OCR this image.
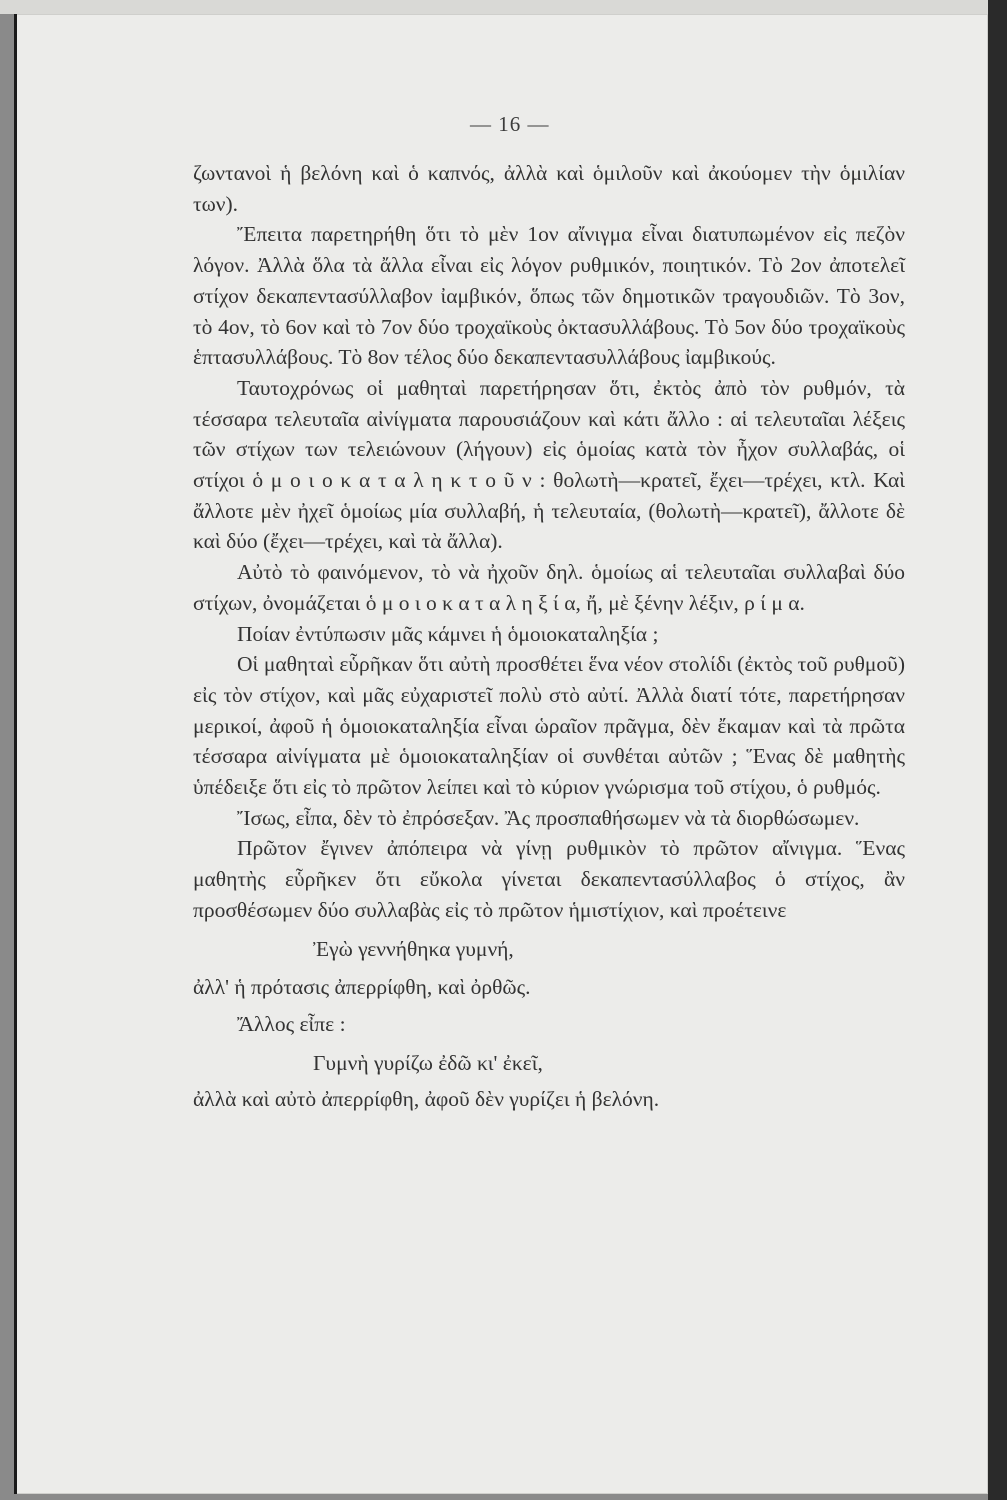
— 16 —

ζωντανοὶ ἡ βελόνη καὶ ὁ καπνός, ἀλλὰ καὶ ὁμιλοῦν καὶ ἀκούομεν τὴν ὁμιλίαν των).

Ἔπειτα παρετηρήθη ὅτι τὸ μὲν 1ον αἴνιγμα εἶναι διατυπωμένον εἰς πεζὸν λόγον. Ἀλλὰ ὅλα τὰ ἄλλα εἶναι εἰς λόγον ρυθμικόν, ποιητικόν. Τὸ 2ον ἀποτελεῖ στίχον δεκαπεντασύλλαβον ἰαμβικόν, ὅπως τῶν δημοτικῶν τραγουδιῶν. Τὸ 3ον, τὸ 4ον, τὸ 6ον καὶ τὸ 7ον δύο τροχαϊκοὺς ὀκτασυλλάβους. Τὸ 5ον δύο τροχαϊκοὺς ἑπτασυλλάβους. Τὸ 8ον τέλος δύο δεκαπεντασυλλάβους ἰαμβικούς.

Ταυτοχρόνως οἱ μαθηταὶ παρετήρησαν ὅτι, ἐκτὸς ἀπὸ τὸν ρυθμόν, τὰ τέσσαρα τελευταῖα αἰνίγματα παρουσιάζουν καὶ κάτι ἄλλο : αἱ τελευταῖαι λέξεις τῶν στίχων των τελειώνουν (λήγουν) εἰς ὁμοίας κατὰ τὸν ἦχον συλλαβάς, οἱ στίχοι ὁ μ ο ι ο κ α τ α λ η κ τ ο ῦ ν : θολωτὴ—κρατεῖ, ἔχει—τρέχει, κτλ. Καὶ ἄλλοτε μὲν ἠχεῖ ὁμοίως μία συλλαβή, ἡ τελευταία, (θολωτὴ—κρατεῖ), ἄλλοτε δὲ καὶ δύο (ἔχει—τρέχει, καὶ τὰ ἄλλα).

Αὐτὸ τὸ φαινόμενον, τὸ νὰ ἠχοῦν δηλ. ὁμοίως αἱ τελευταῖαι συλλαβαὶ δύο στίχων, ὀνομάζεται ὁ μ ο ι ο κ α τ α λ η ξ ί α, ἤ, μὲ ξένην λέξιν, ρ ί μ α.

Ποίαν ἐντύπωσιν μᾶς κάμνει ἡ ὁμοιοκαταληξία ;

Οἱ μαθηταὶ εὗρῆκαν ὅτι αὐτὴ προσθέτει ἕνα νέον στολίδι (ἐκτὸς τοῦ ρυθμοῦ) εἰς τὸν στίχον, καὶ μᾶς εὐχαριστεῖ πολὺ στὸ αὐτί. Ἀλλὰ διατί τότε, παρετήρησαν μερικοί, ἀφοῦ ἡ ὁμοιοκαταληξία εἶναι ὡραῖον πρᾶγμα, δὲν ἔκαμαν καὶ τὰ πρῶτα τέσσαρα αἰνίγματα μὲ ὁμοιοκαταληξίαν οἱ συνθέται αὐτῶν ; Ἕνας δὲ μαθητὴς ὑπέδειξε ὅτι εἰς τὸ πρῶτον λείπει καὶ τὸ κύριον γνώρισμα τοῦ στίχου, ὁ ρυθμός.

Ἴσως, εἶπα, δὲν τὸ ἐπρόσεξαν. Ἂς προσπαθήσωμεν νὰ τὰ διορθώσωμεν.

Πρῶτον ἔγινεν ἀπόπειρα νὰ γίνῃ ρυθμικὸν τὸ πρῶτον αἴνιγμα. Ἕνας μαθητὴς εὗρῆκεν ὅτι εὔκολα γίνεται δεκαπεντασύλλαβος ὁ στίχος, ἂν προσθέσωμεν δύο συλλαβὰς εἰς τὸ πρῶτον ἡμιστίχιον, καὶ προέτεινε

Ἐγὼ γεννήθηκα γυμνή,

ἀλλ' ἡ πρότασις ἀπερρίφθη, καὶ ὀρθῶς.

Ἄλλος εἶπε :

Γυμνὴ γυρίζω ἐδῶ κι' ἐκεῖ,

ἀλλὰ καὶ αὐτὸ ἀπερρίφθη, ἀφοῦ δὲν γυρίζει ἡ βελόνη.
